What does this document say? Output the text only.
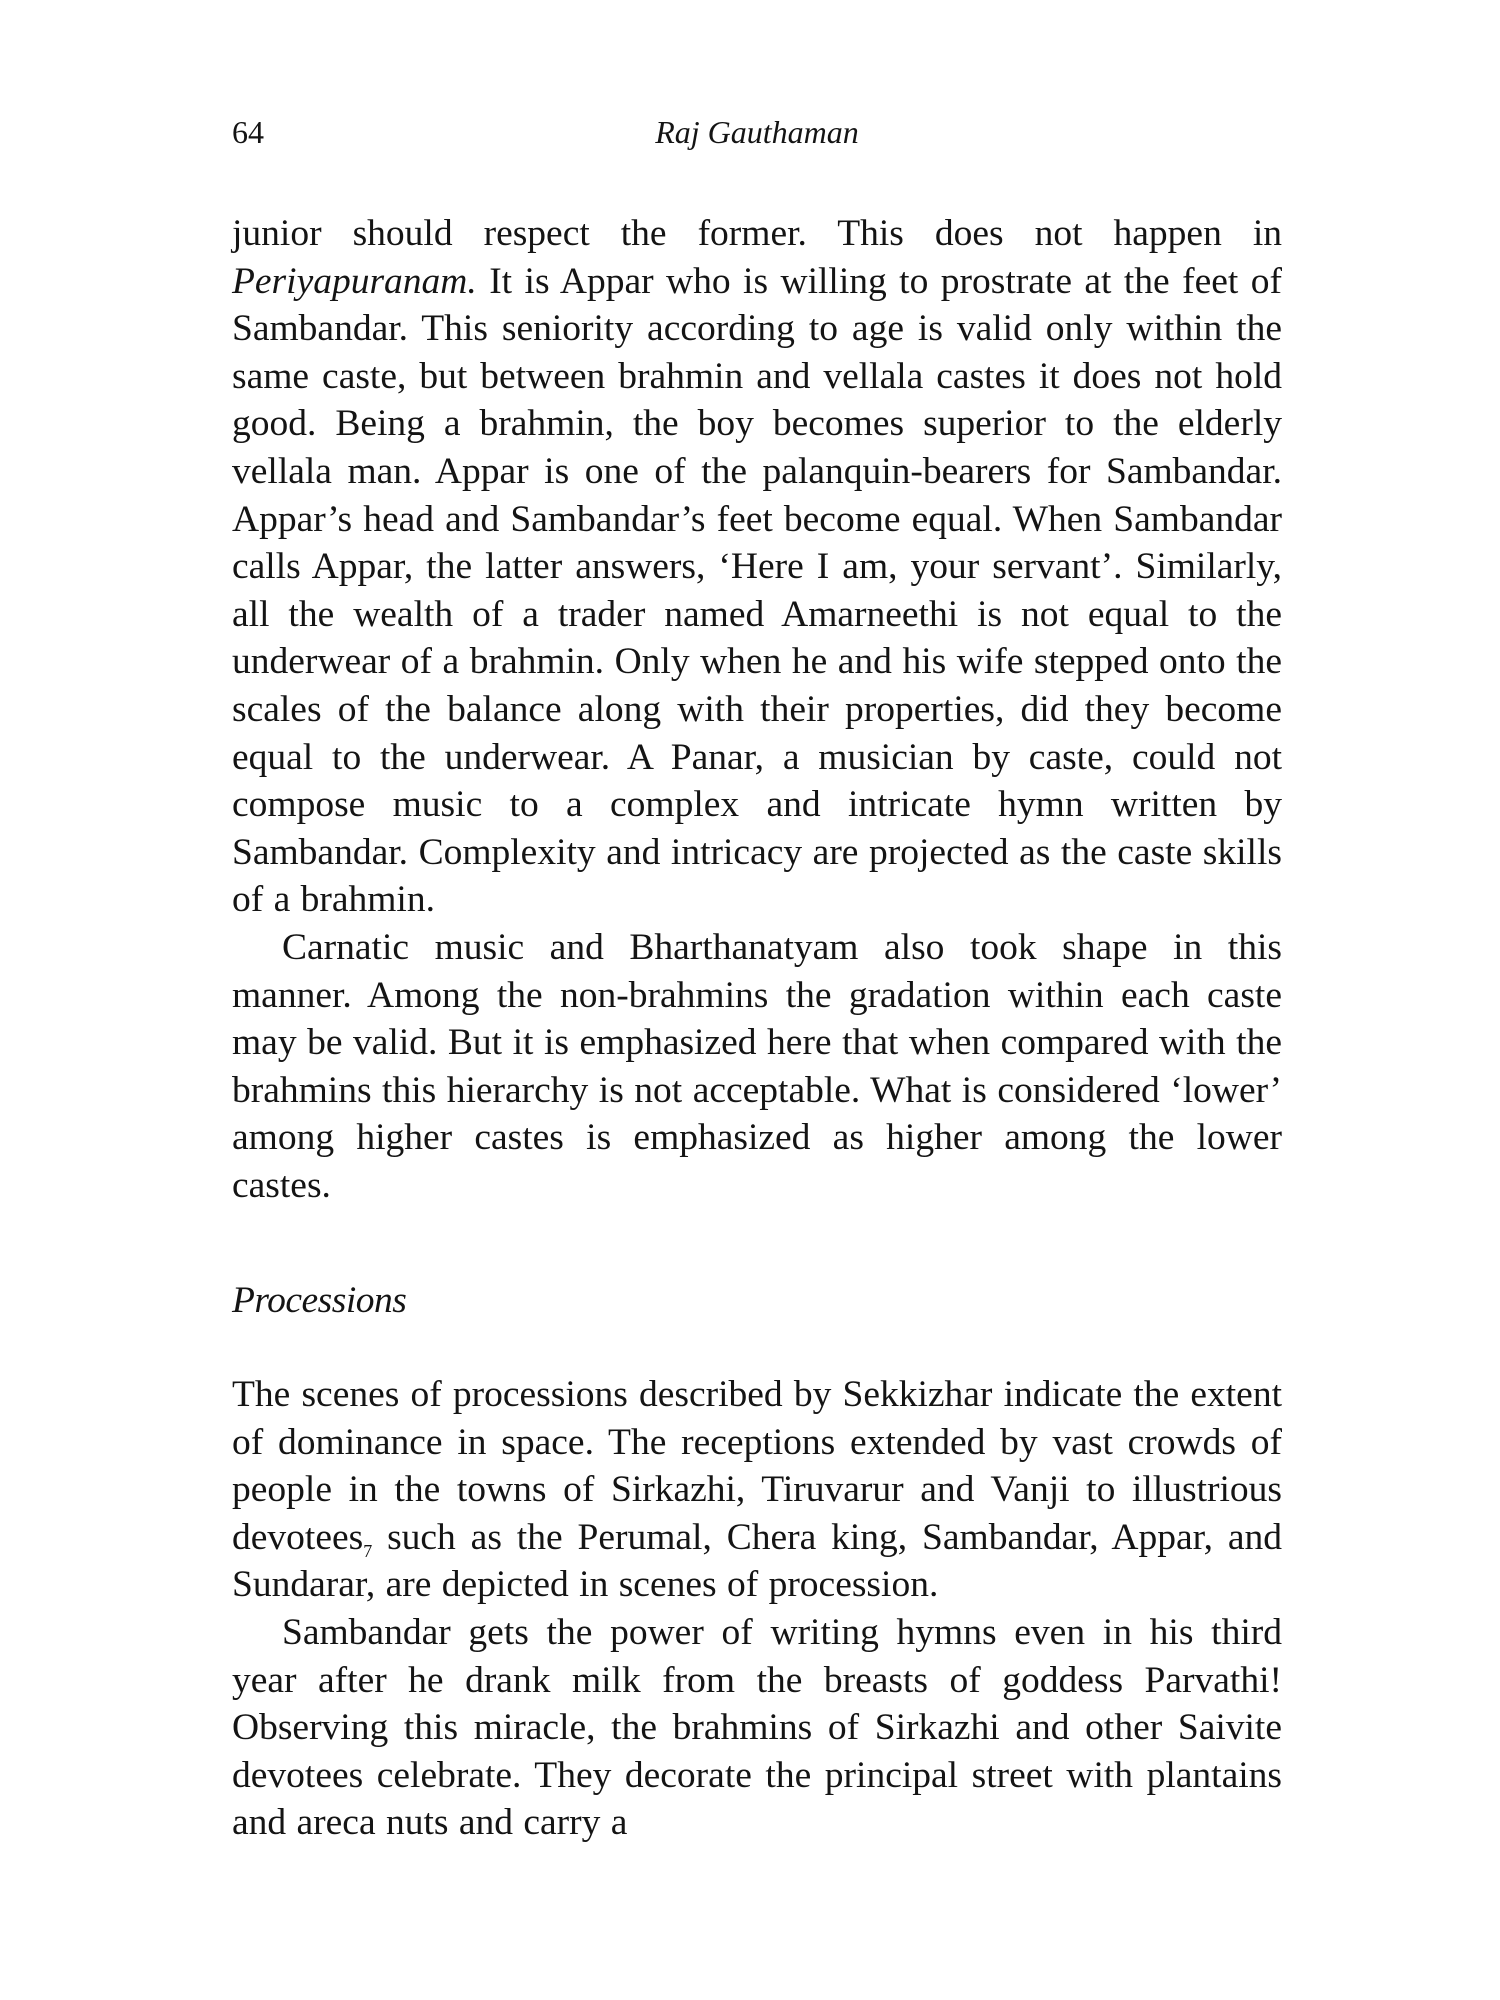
64	Raj Gauthaman

junior should respect the former. This does not happen in Periyapuranam. It is Appar who is willing to prostrate at the feet of Sambandar. This seniority according to age is valid only within the same caste, but between brahmin and vellala castes it does not hold good. Being a brahmin, the boy becomes superior to the elderly vellala man. Appar is one of the palanquin-bearers for Sambandar. Appar’s head and Sambandar’s feet become equal. When Sambandar calls Appar, the latter answers, ‘Here I am, your servant’. Similarly, all the wealth of a trader named Amarneethi is not equal to the underwear of a brahmin. Only when he and his wife stepped onto the scales of the balance along with their properties, did they become equal to the underwear. A Panar, a musician by caste, could not compose music to a complex and intricate hymn written by Sambandar. Complexity and intricacy are projected as the caste skills of a brahmin.

Carnatic music and Bharthanatyam also took shape in this manner. Among the non-brahmins the gradation within each caste may be valid. But it is emphasized here that when compared with the brahmins this hierarchy is not acceptable. What is considered ‘lower’ among higher castes is emphasized as higher among the lower castes.

Processions

The scenes of processions described by Sekkizhar indicate the extent of dominance in space. The receptions extended by vast crowds of people in the towns of Sirkazhi, Tiruvarur and Vanji to illustrious devotees$_7$ such as the Perumal, Chera king, Sambandar, Appar, and Sundarar, are depicted in scenes of procession.

Sambandar gets the power of writing hymns even in his third year after he drank milk from the breasts of goddess Parvathi! Observing this miracle, the brahmins of Sirkazhi and other Saivite devotees celebrate. They decorate the principal street with plantains and areca nuts and carry a
